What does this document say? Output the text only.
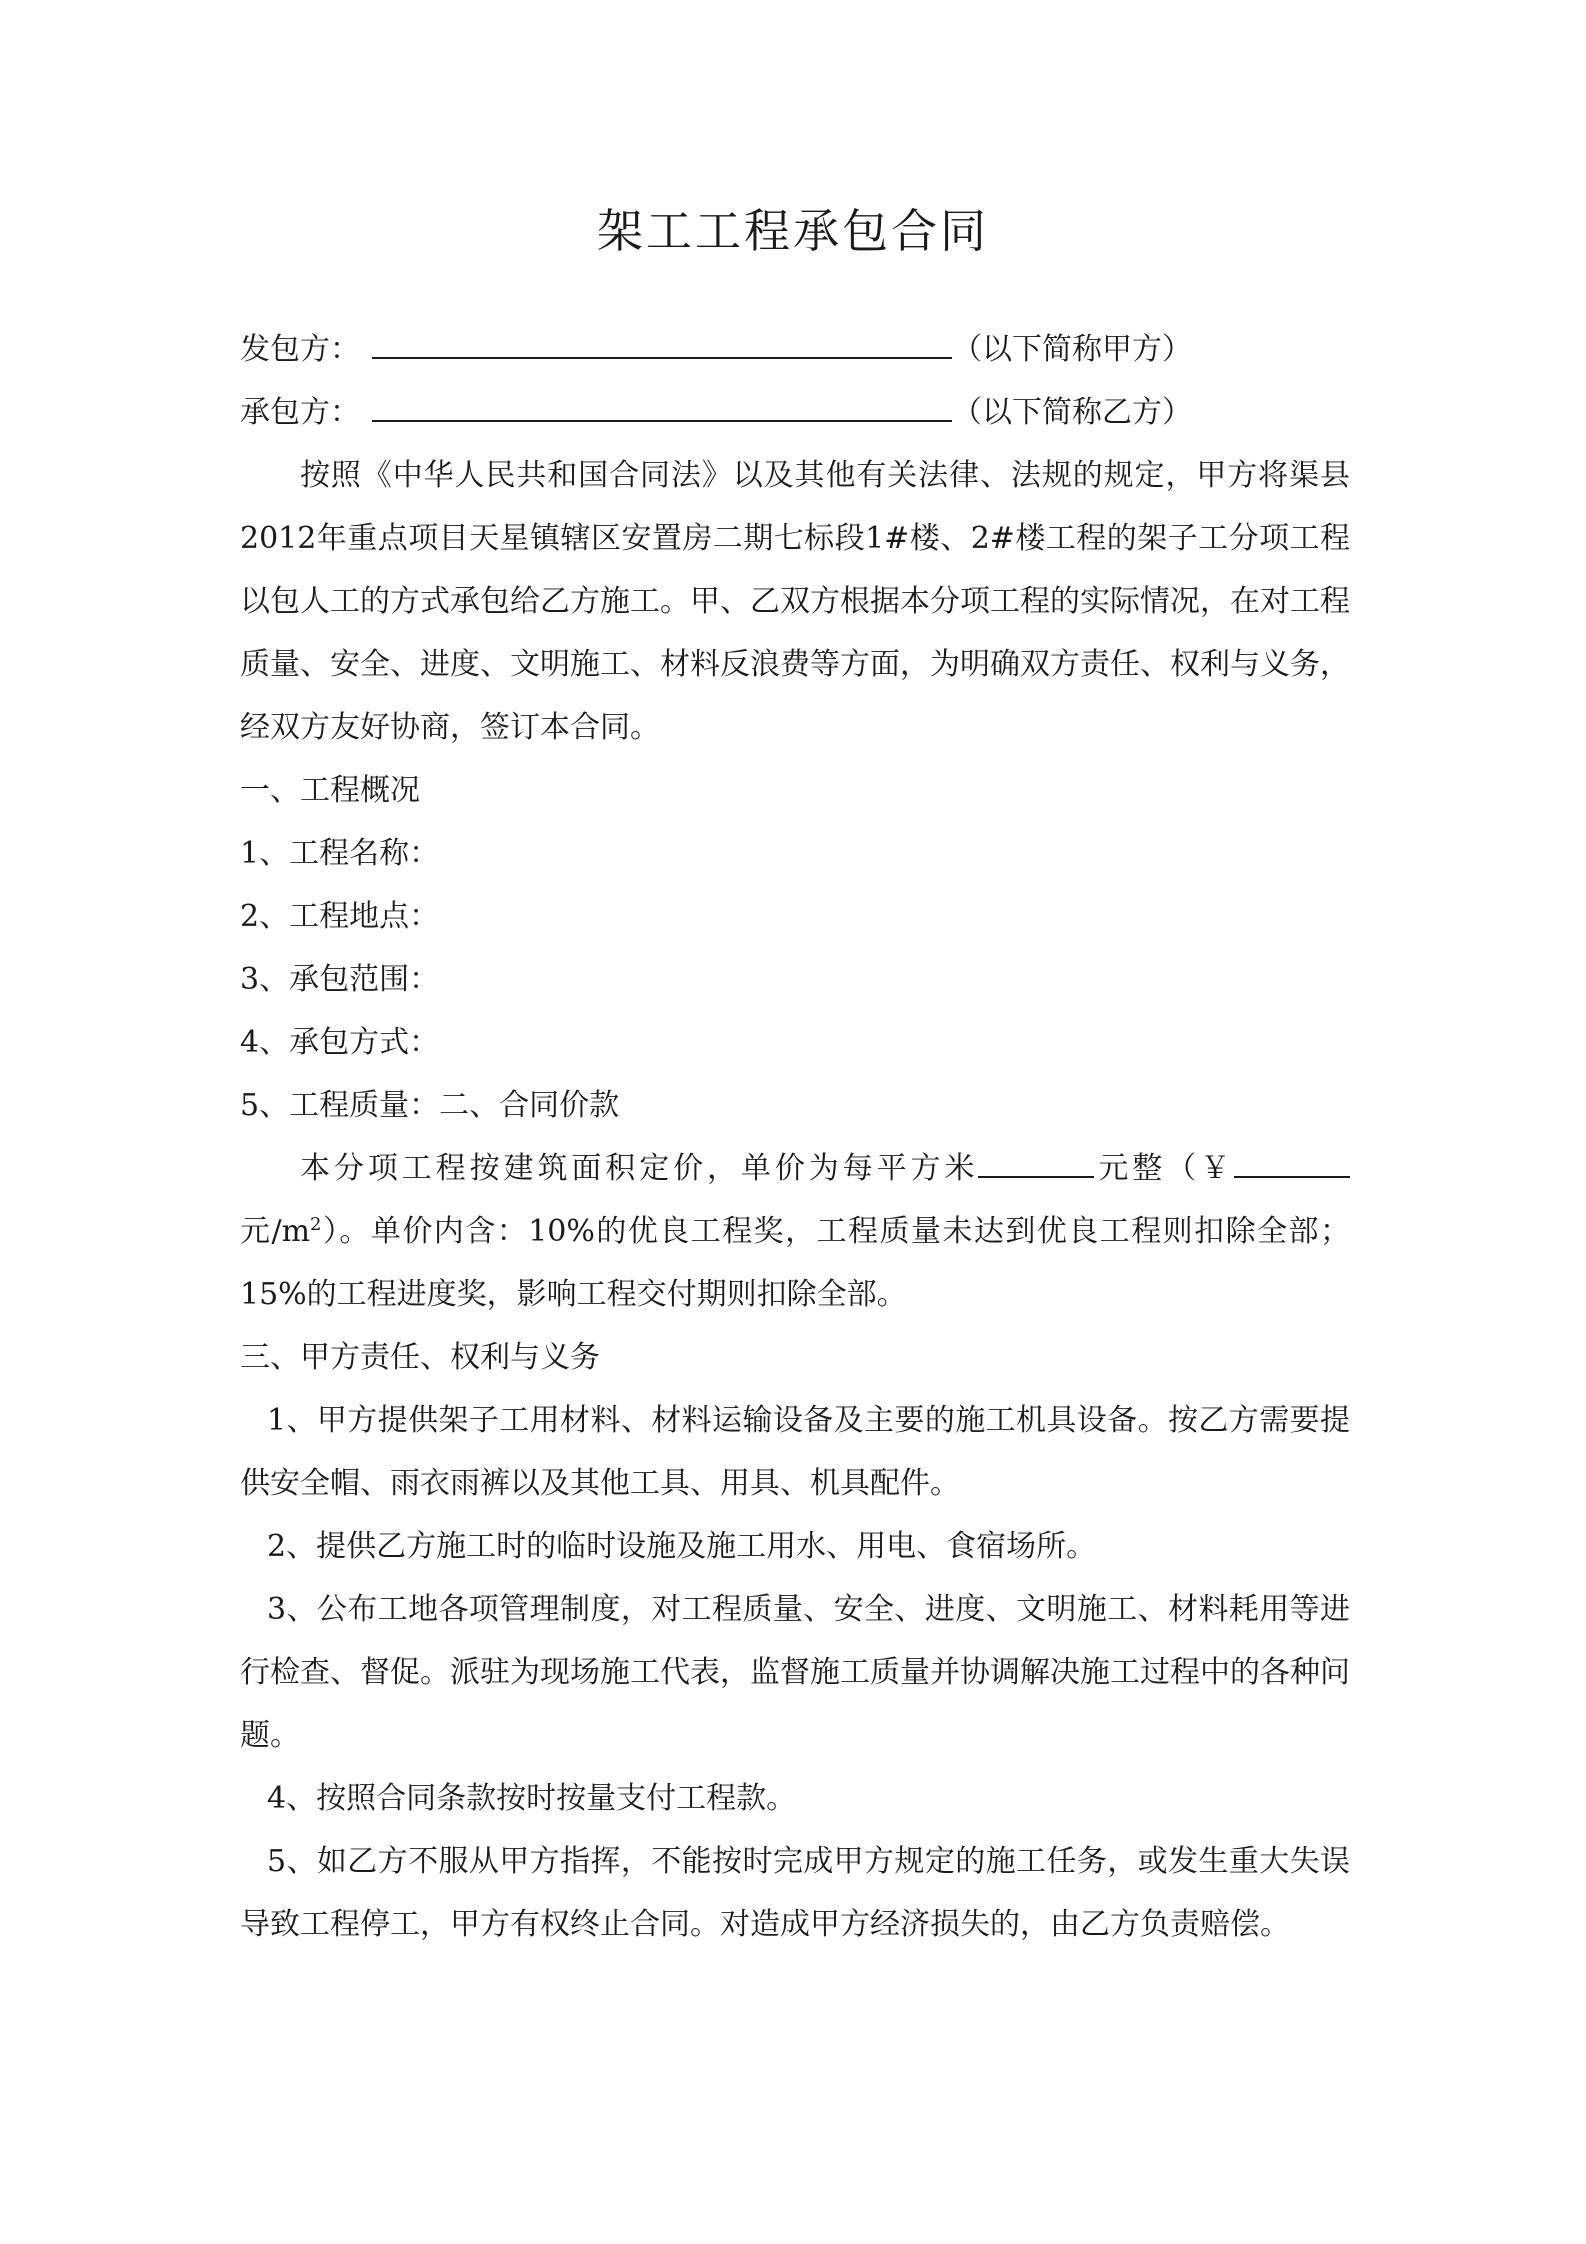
架工工程承包合同

发包方：	（以下简称甲方）

承包方：	（以下简称乙方）

按照《中华人民共和国合同法》以及其他有关法律、法规的规定，甲方将渠县2012年重点项目天星镇辖区安置房二期七标段1#楼、2#楼工程的架子工分项工程以包人工的方式承包给乙方施工。甲、乙双方根据本分项工程的实际情况，在对工程质量、安全、进度、文明施工、材料反浪费等方面，为明确双方责任、权利与义务，经双方友好协商，签订本合同。

一、工程概况

1、工程名称：

2、工程地点：

3、承包范围：

4、承包方式：

5、工程质量：二、合同价款

本分项工程按建筑面积定价，单价为每平方米	元整（￥元$/m^2$）。单价内含：10%的优良工程奖，工程质量未达到优良工程则扣除全部；15%的工程进度奖，影响工程交付期则扣除全部。

三、甲方责任、权利与义务

1、甲方提供架子工用材料、材料运输设备及主要的施工机具设备。按乙方需要提供安全帽、雨衣雨裤以及其他工具、用具、机具配件。

2、提供乙方施工时的临时设施及施工用水、用电、食宿场所。

3、公布工地各项管理制度，对工程质量、安全、进度、文明施工、材料耗用等进行检查、督促。派驻为现场施工代表，监督施工质量并协调解决施工过程中的各种问题。

4、按照合同条款按时按量支付工程款。

5、如乙方不服从甲方指挥，不能按时完成甲方规定的施工任务，或发生重大失误导致工程停工，甲方有权终止合同。对造成甲方经济损失的，由乙方负责赔偿。
